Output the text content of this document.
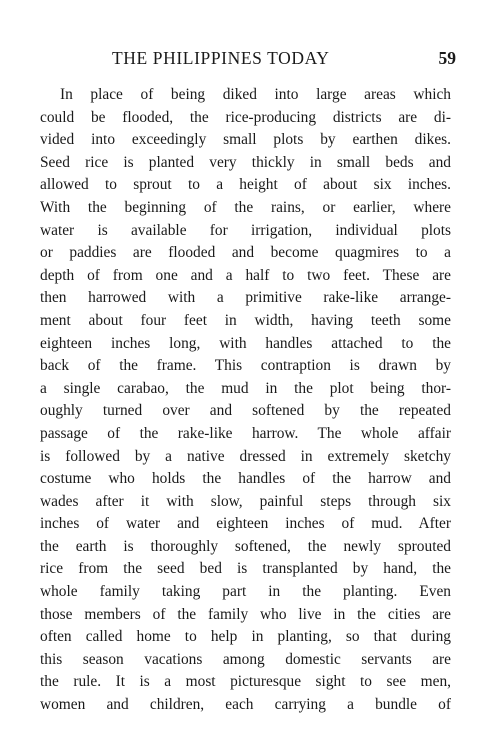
THE PHILIPPINES TODAY	59
In place of being diked into large areas which
could be flooded, the rice-producing districts are di-
vided into exceedingly small plots by earthen dikes.
Seed rice is planted very thickly in small beds and
allowed to sprout to a height of about six inches.
With the beginning of the rains, or earlier, where
water is available for irrigation, individual plots
or paddies are flooded and become quagmires to a
depth of from one and a half to two feet. These are
then harrowed with a primitive rake-like arrange-
ment about four feet in width, having teeth some
eighteen inches long, with handles attached to the
back of the frame. This contraption is drawn by
a single carabao, the mud in the plot being thor-
oughly turned over and softened by the repeated
passage of the rake-like harrow. The whole affair
is followed by a native dressed in extremely sketchy
costume who holds the handles of the harrow and
wades after it with slow, painful steps through six
inches of water and eighteen inches of mud. After
the earth is thoroughly softened, the newly sprouted
rice from the seed bed is transplanted by hand, the
whole family taking part in the planting. Even
those members of the family who live in the cities are
often called home to help in planting, so that during
this season vacations among domestic servants are
the rule. It is a most picturesque sight to see men,
women and children, each carrying a bundle of
